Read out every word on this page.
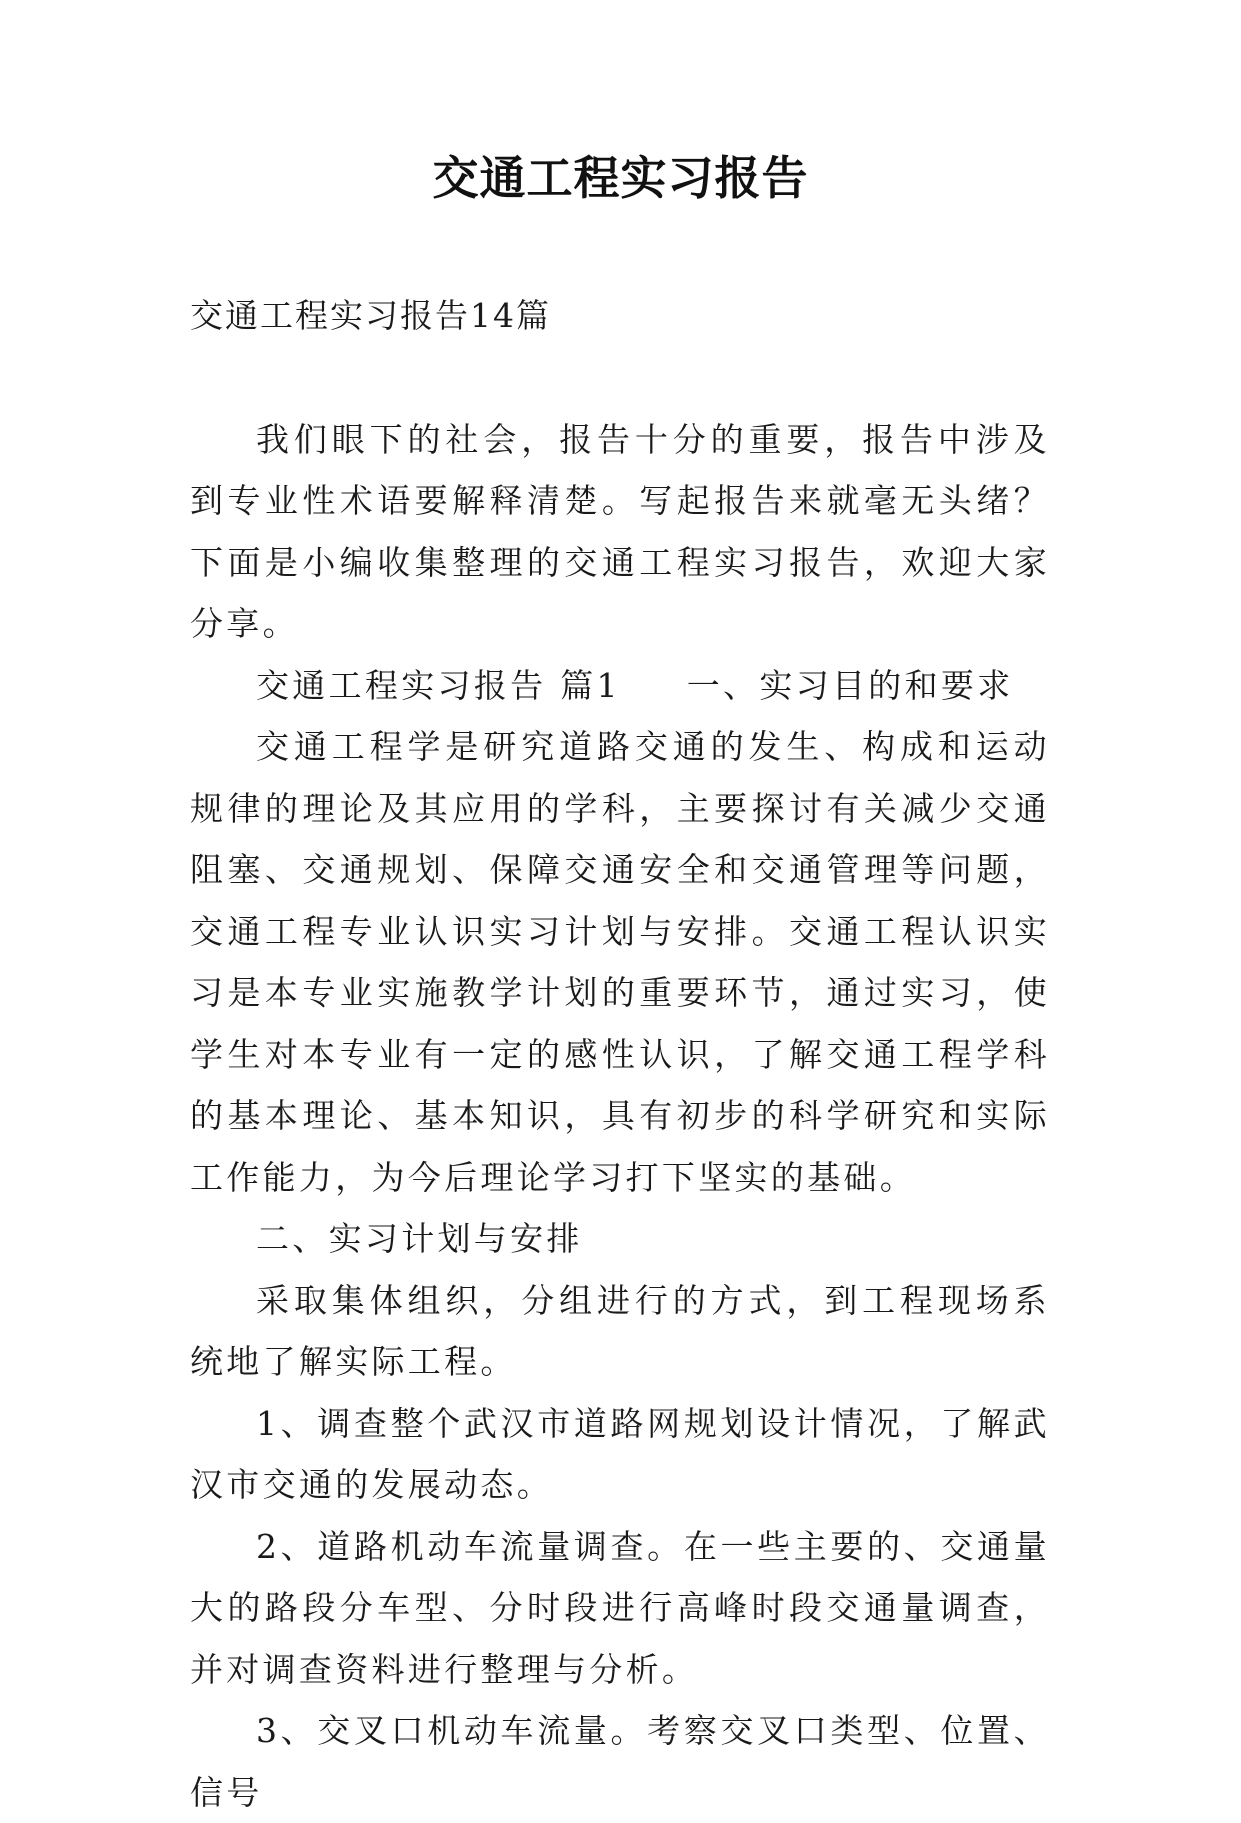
交通工程实习报告

交通工程实习报告14篇

我们眼下的社会，报告十分的重要，报告中涉及到专业性术语要解释清楚。写起报告来就毫无头绪？下面是小编收集整理的交通工程实习报告，欢迎大家分享。

交通工程实习报告 篇1 一、实习目的和要求

交通工程学是研究道路交通的发生、构成和运动规律的理论及其应用的学科，主要探讨有关减少交通阻塞、交通规划、保障交通安全和交通管理等问题，交通工程专业认识实习计划与安排。交通工程认识实习是本专业实施教学计划的重要环节，通过实习，使学生对本专业有一定的感性认识，了解交通工程学科的基本理论、基本知识，具有初步的科学研究和实际工作能力，为今后理论学习打下坚实的基础。

二、实习计划与安排

采取集体组织，分组进行的方式，到工程现场系统地了解实际工程。

1、调查整个武汉市道路网规划设计情况，了解武汉市交通的发展动态。

2、道路机动车流量调查。在一些主要的、交通量大的路段分车型、分时段进行高峰时段交通量调查，并对调查资料进行整理与分析。

3、交叉口机动车流量。考察交叉口类型、位置、信号
